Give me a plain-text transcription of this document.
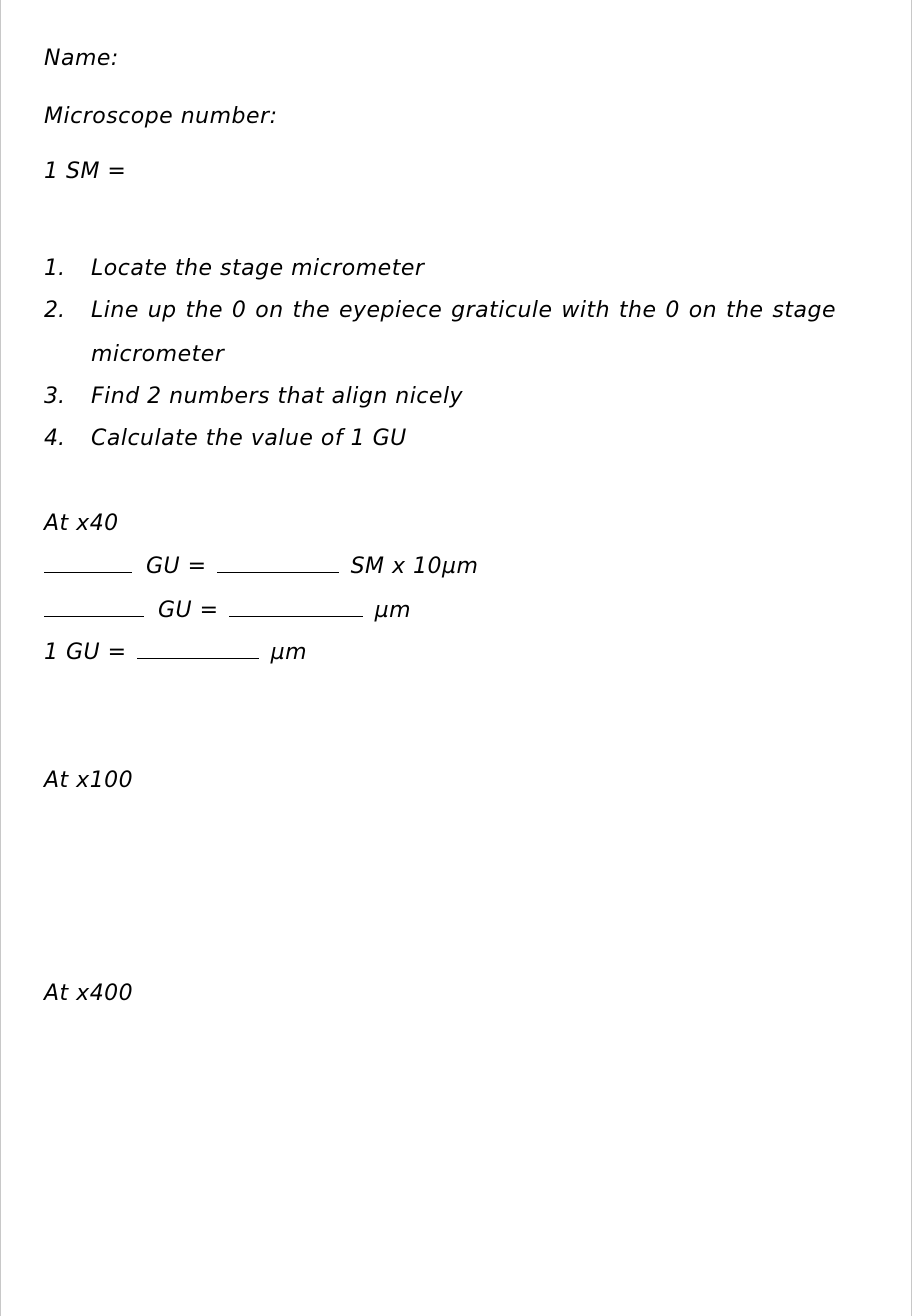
Name:
Microscope number:
1 SM =
1. Locate the stage micrometer
2. Line up the 0 on the eyepiece graticule with the 0 on the stage
micrometer
3. Find 2 numbers that align nicely
4. Calculate the value of 1 GU
At x40
GU =	SM x 10µm
GU =	µm
1 GU =	µm
At x100
At x400
